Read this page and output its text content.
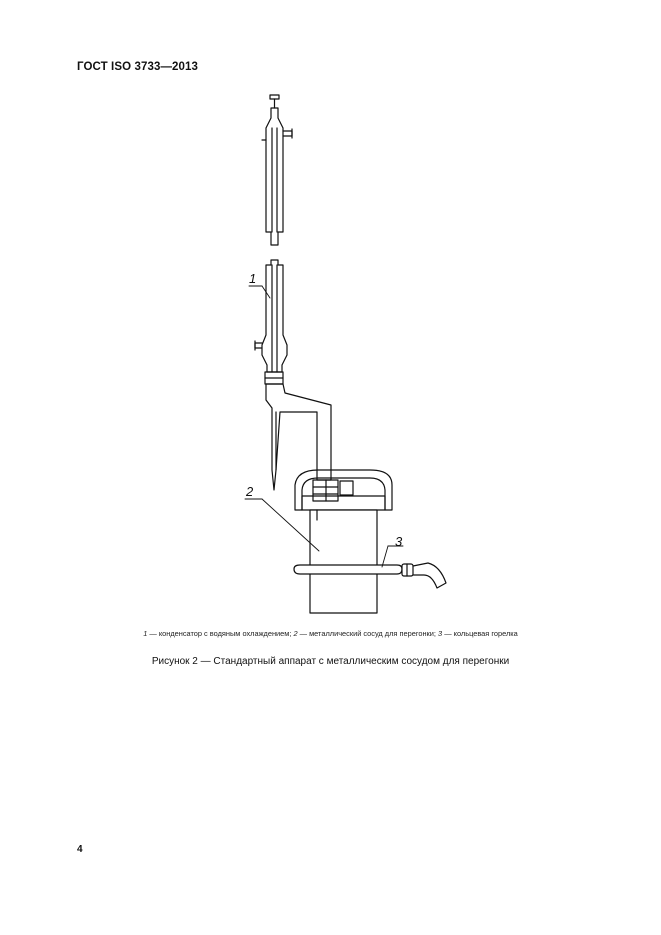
ГОСТ ISO 3733—2013
1
2
3
1 — конденсатор с водяным охлаждением; 2 — металлический сосуд для перегонки; 3 — кольцевая горелка
Рисунок 2 — Стандартный аппарат с металлическим сосудом для перегонки
4
